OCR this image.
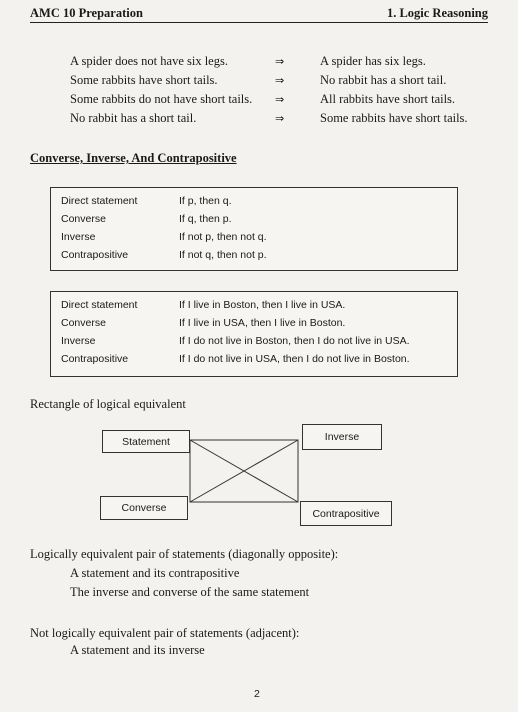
AMC 10 Preparation	1. Logic Reasoning
A spider does not have six legs.	⇒	A spider has six legs.
Some rabbits have short tails.	⇒	No rabbit has a short tail.
Some rabbits do not have short tails. ⇒	All rabbits have short tails.
No rabbit has a short tail.	⇒	Some rabbits have short tails.
Converse, Inverse, And Contrapositive
Direct statement	If p, then q.
Converse	If q, then p.
Inverse	If not p, then not q.
Contrapositive	If not q, then not p.
Direct statement	If I live in Boston, then I live in USA.
Converse	If I live in USA, then I live in Boston.
Inverse	If I do not live in Boston, then I do not live in USA.
Contrapositive	If I do not live in USA, then I do not live in Boston.
Rectangle of logical equivalent
Statement	Inverse
Converse	Contrapositive
Logically equivalent pair of statements (diagonally opposite):
A statement and its contrapositive
The inverse and converse of the same statement
Not logically equivalent pair of statements (adjacent):
A statement and its inverse
2
